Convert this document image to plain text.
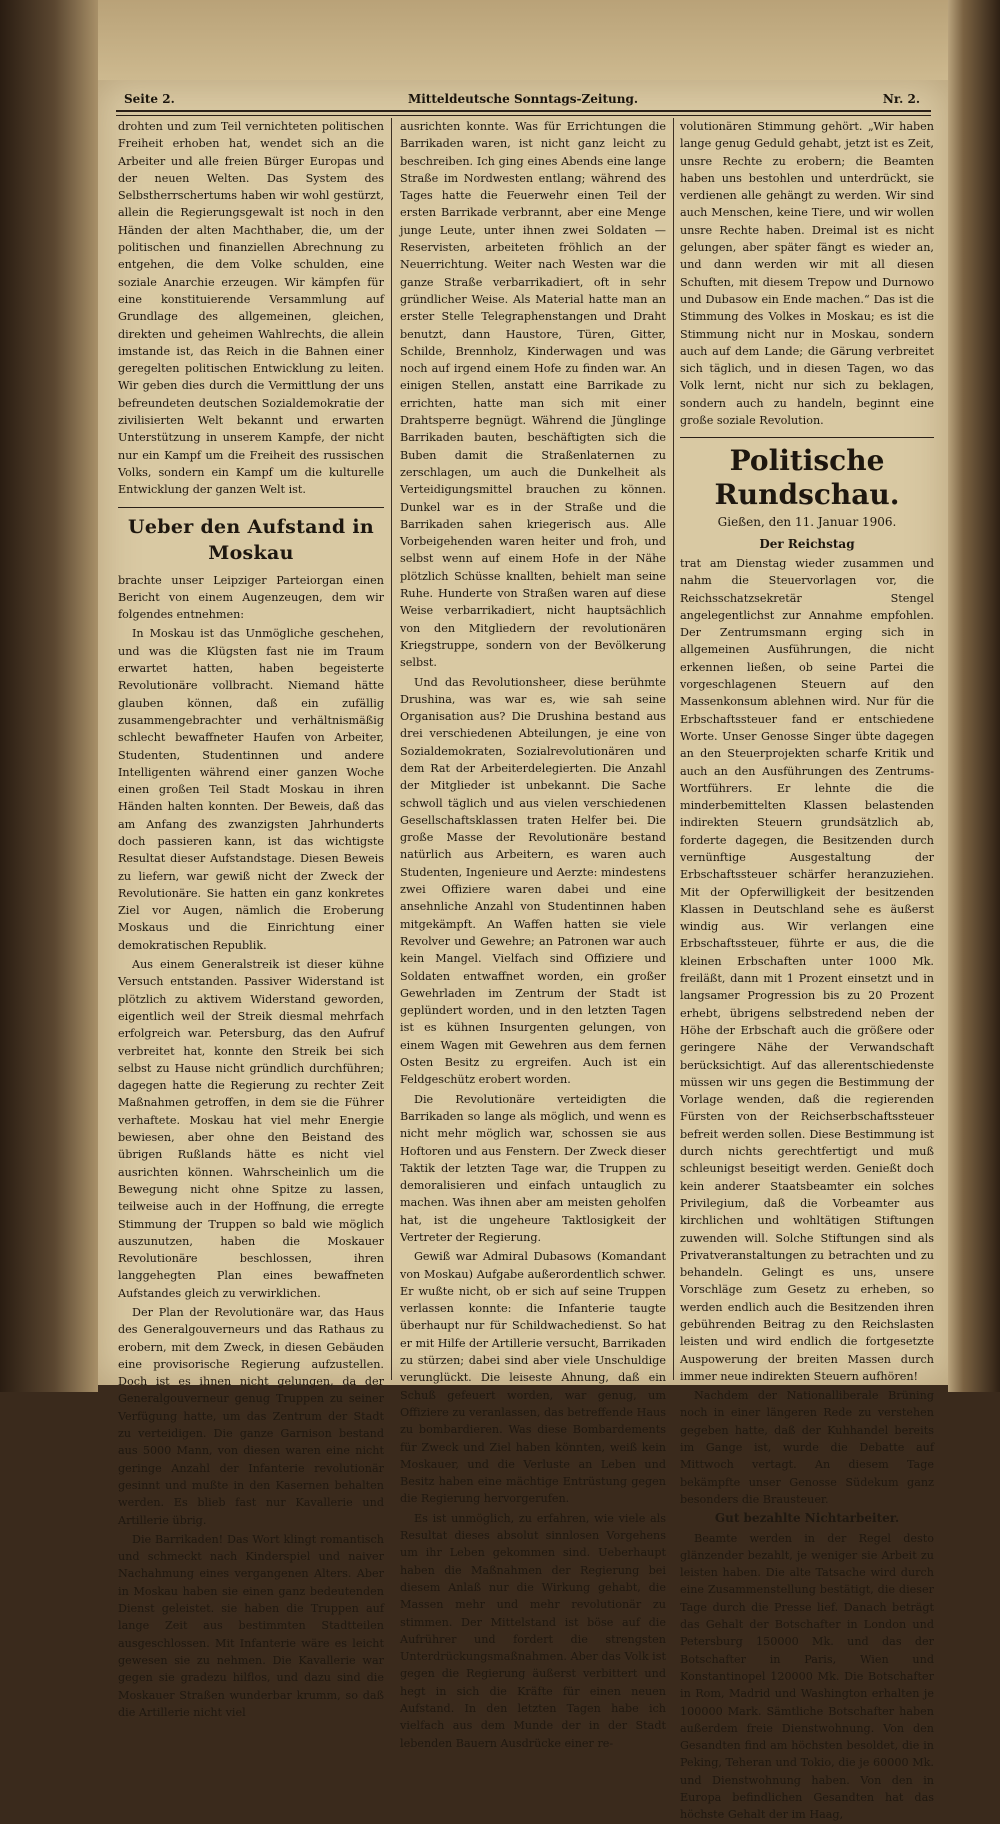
Seite 2.	Mitteldeutsche Sonntags-Zeitung.	Nr. 2.

drohten und zum Teil vernichteten politischen Freiheit erhoben hat, wendet sich an die Arbeiter und alle freien Bürger Europas und der neuen Welten. Das System des Selbstherrschertums haben wir wohl gestürzt, allein die Regierungsgewalt ist noch in den Händen der alten Machthaber, die, um der politischen und finanziellen Abrechnung zu entgehen, die dem Volke schulden, eine soziale Anarchie erzeugen. Wir kämpfen für eine konstituierende Versammlung auf Grundlage des allgemeinen, gleichen, direkten und geheimen Wahlrechts, die allein imstande ist, das Reich in die Bahnen einer geregelten politischen Entwicklung zu leiten. Wir geben dies durch die Vermittlung der uns befreundeten deutschen Sozialdemokratie der zivilisierten Welt bekannt und erwarten Unterstützung in unserem Kampfe, der nicht nur ein Kampf um die Freiheit des russischen Volks, sondern ein Kampf um die kulturelle Entwicklung der ganzen Welt ist.

Ueber den Aufstand in Moskau

brachte unser Leipziger Parteiorgan einen Bericht von einem Augenzeugen, dem wir folgendes entnehmen:

In Moskau ist das Unmögliche geschehen, und was die Klügsten fast nie im Traum erwartet hatten, haben begeisterte Revolutionäre vollbracht. Niemand hätte glauben können, daß ein zufällig zusammengebrachter und verhältnismäßig schlecht bewaffneter Haufen von Arbeiter, Studenten, Studentinnen und andere Intelligenten während einer ganzen Woche einen großen Teil Stadt Moskau in ihren Händen halten konnten. Der Beweis, daß das am Anfang des zwanzigsten Jahrhunderts doch passieren kann, ist das wichtigste Resultat dieser Aufstandstage. Diesen Beweis zu liefern, war gewiß nicht der Zweck der Revolutionäre. Sie hatten ein ganz konkretes Ziel vor Augen, nämlich die Eroberung Moskaus und die Einrichtung einer demokratischen Republik.

Aus einem Generalstreik ist dieser kühne Versuch entstanden. Passiver Widerstand ist plötzlich zu aktivem Widerstand geworden, eigentlich weil der Streik diesmal mehrfach erfolgreich war. Petersburg, das den Aufruf verbreitet hat, konnte den Streik bei sich selbst zu Hause nicht gründlich durchführen; dagegen hatte die Regierung zu rechter Zeit Maßnahmen getroffen, in dem sie die Führer verhaftete. Moskau hat viel mehr Energie bewiesen, aber ohne den Beistand des übrigen Rußlands hätte es nicht viel ausrichten können. Wahrscheinlich um die Bewegung nicht ohne Spitze zu lassen, teilweise auch in der Hoffnung, die erregte Stimmung der Truppen so bald wie möglich auszunutzen, haben die Moskauer Revolutionäre beschlossen, ihren langgehegten Plan eines bewaffneten Aufstandes gleich zu verwirklichen.

Der Plan der Revolutionäre war, das Haus des Generalgouverneurs und das Rathaus zu erobern, mit dem Zweck, in diesen Gebäuden eine provisorische Regierung aufzustellen. Doch ist es ihnen nicht gelungen, da der Generalgouverneur genug Truppen zu seiner Verfügung hatte, um das Zentrum der Stadt zu verteidigen. Die ganze Garnison bestand aus 5000 Mann, von diesen waren eine nicht geringe Anzahl der Infanterie revolutionär gesinnt und mußte in den Kasernen behalten werden. Es blieb fast nur Kavallerie und Artillerie übrig.

Die Barrikaden! Das Wort klingt romantisch und schmeckt nach Kinderspiel und naiver Nachahmung eines vergangenen Alters. Aber in Moskau haben sie einen ganz bedeutenden Dienst geleistet. sie haben die Truppen auf lange Zeit aus bestimmten Stadtteilen ausgeschlossen. Mit Infanterie wäre es leicht gewesen sie zu nehmen. Die Kavallerie war gegen sie gradezu hilflos, und dazu sind die Moskauer Straßen wunderbar krumm, so daß die Artillerie nicht viel

ausrichten konnte. Was für Errichtungen die Barrikaden waren, ist nicht ganz leicht zu beschreiben. Ich ging eines Abends eine lange Straße im Nordwesten entlang; während des Tages hatte die Feuerwehr einen Teil der ersten Barrikade verbrannt, aber eine Menge junge Leute, unter ihnen zwei Soldaten — Reservisten, arbeiteten fröhlich an der Neuerrichtung. Weiter nach Westen war die ganze Straße verbarrikadiert, oft in sehr gründlicher Weise. Als Material hatte man an erster Stelle Telegraphenstangen und Draht benutzt, dann Haustore, Türen, Gitter, Schilde, Brennholz, Kinderwagen und was noch auf irgend einem Hofe zu finden war. An einigen Stellen, anstatt eine Barrikade zu errichten, hatte man sich mit einer Drahtsperre begnügt. Während die Jünglinge Barrikaden bauten, beschäftigten sich die Buben damit die Straßenlaternen zu zerschlagen, um auch die Dunkelheit als Verteidigungsmittel brauchen zu können. Dunkel war es in der Straße und die Barrikaden sahen kriegerisch aus. Alle Vorbeigehenden waren heiter und froh, und selbst wenn auf einem Hofe in der Nähe plötzlich Schüsse knallten, behielt man seine Ruhe. Hunderte von Straßen waren auf diese Weise verbarrikadiert, nicht hauptsächlich von den Mitgliedern der revolutionären Kriegstruppe, sondern von der Bevölkerung selbst.

Und das Revolutionsheer, diese berühmte Drushina, was war es, wie sah seine Organisation aus? Die Drushina bestand aus drei verschiedenen Abteilungen, je eine von Sozialdemokraten, Sozialrevolutionären und dem Rat der Arbeiterdelegierten. Die Anzahl der Mitglieder ist unbekannt. Die Sache schwoll täglich und aus vielen verschiedenen Gesellschaftsklassen traten Helfer bei. Die große Masse der Revolutionäre bestand natürlich aus Arbeitern, es waren auch Studenten, Ingenieure und Aerzte: mindestens zwei Offiziere waren dabei und eine ansehnliche Anzahl von Studentinnen haben mitgekämpft. An Waffen hatten sie viele Revolver und Gewehre; an Patronen war auch kein Mangel. Vielfach sind Offiziere und Soldaten entwaffnet worden, ein großer Gewehrladen im Zentrum der Stadt ist geplündert worden, und in den letzten Tagen ist es kühnen Insurgenten gelungen, von einem Wagen mit Gewehren aus dem fernen Osten Besitz zu ergreifen. Auch ist ein Feldgeschütz erobert worden.

Die Revolutionäre verteidigten die Barrikaden so lange als möglich, und wenn es nicht mehr möglich war, schossen sie aus Hoftoren und aus Fenstern. Der Zweck dieser Taktik der letzten Tage war, die Truppen zu demoralisieren und einfach untauglich zu machen. Was ihnen aber am meisten geholfen hat, ist die ungeheure Taktlosigkeit der Vertreter der Regierung.

Gewiß war Admiral Dubasows (Komandant von Moskau) Aufgabe außerordentlich schwer. Er wußte nicht, ob er sich auf seine Truppen verlassen konnte: die Infanterie taugte überhaupt nur für Schildwachedienst. So hat er mit Hilfe der Artillerie versucht, Barrikaden zu stürzen; dabei sind aber viele Unschuldige verunglückt. Die leiseste Ahnung, daß ein Schuß gefeuert worden, war genug, um Offiziere zu veranlassen, das betreffende Haus zu bombardieren. Was diese Bombardements für Zweck und Ziel haben könnten, weiß kein Moskauer, und die Verluste an Leben und Besitz haben eine mächtige Entrüstung gegen die Regierung hervorgerufen.

Es ist unmöglich, zu erfahren, wie viele als Resultat dieses absolut sinnlosen Vorgehens um ihr Leben gekommen sind. Ueberhaupt haben die Maßnahmen der Regierung bei diesem Anlaß nur die Wirkung gehabt, die Massen mehr und mehr revolutionär zu stimmen. Der Mittelstand ist böse auf die Aufrührer und fordert die strengsten Unterdrückungsmaßnahmen. Aber das Volk ist gegen die Regierung äußerst verbittert und hegt in sich die Kräfte für einen neuen Aufstand. In den letzten Tagen habe ich vielfach aus dem Munde der in der Stadt lebenden Bauern Ausdrücke einer re-

volutionären Stimmung gehört. „Wir haben lange genug Geduld gehabt, jetzt ist es Zeit, unsre Rechte zu erobern; die Beamten haben uns bestohlen und unterdrückt, sie verdienen alle gehängt zu werden. Wir sind auch Menschen, keine Tiere, und wir wollen unsre Rechte haben. Dreimal ist es nicht gelungen, aber später fängt es wieder an, und dann werden wir mit all diesen Schuften, mit diesem Trepow und Durnowo und Dubasow ein Ende machen.“ Das ist die Stimmung des Volkes in Moskau; es ist die Stimmung nicht nur in Moskau, sondern auch auf dem Lande; die Gärung verbreitet sich täglich, und in diesen Tagen, wo das Volk lernt, nicht nur sich zu beklagen, sondern auch zu handeln, beginnt eine große soziale Revolution.

Politische Rundschau.
Gießen, den 11. Januar 1906.
Der Reichstag

trat am Dienstag wieder zusammen und nahm die Steuervorlagen vor, die Reichsschatzsekretär Stengel angelegentlichst zur Annahme empfohlen. Der Zentrumsmann erging sich in allgemeinen Ausführungen, die nicht erkennen ließen, ob seine Partei die vorgeschlagenen Steuern auf den Massenkonsum ablehnen wird. Nur für die Erbschaftssteuer fand er entschiedene Worte. Unser Genosse Singer übte dagegen an den Steuerprojekten scharfe Kritik und auch an den Ausführungen des Zentrums-Wortführers. Er lehnte die die minderbemittelten Klassen belastenden indirekten Steuern grundsätzlich ab, forderte dagegen, die Besitzenden durch vernünftige Ausgestaltung der Erbschaftssteuer schärfer heranzuziehen. Mit der Opferwilligkeit der besitzenden Klassen in Deutschland sehe es äußerst windig aus. Wir verlangen eine Erbschaftssteuer, führte er aus, die die kleinen Erbschaften unter 1000 Mk. freiläßt, dann mit 1 Prozent einsetzt und in langsamer Progression bis zu 20 Prozent erhebt, übrigens selbstredend neben der Höhe der Erbschaft auch die größere oder geringere Nähe der Verwandschaft berücksichtigt. Auf das allerentschiedenste müssen wir uns gegen die Bestimmung der Vorlage wenden, daß die regierenden Fürsten von der Reichserbschaftssteuer befreit werden sollen. Diese Bestimmung ist durch nichts gerechtfertigt und muß schleunigst beseitigt werden. Genießt doch kein anderer Staatsbeamter ein solches Privilegium, daß die Vorbeamter aus kirchlichen und wohltätigen Stiftungen zuwenden will. Solche Stiftungen sind als Privatveranstaltungen zu betrachten und zu behandeln. Gelingt es uns, unsere Vorschläge zum Gesetz zu erheben, so werden endlich auch die Besitzenden ihren gebührenden Beitrag zu den Reichslasten leisten und wird endlich die fortgesetzte Auspowerung der breiten Massen durch immer neue indirekten Steuern aufhören!

Nachdem der Nationalliberale Brüning noch in einer längeren Rede zu verstehen gegeben hatte, daß der Kuhhandel bereits im Gange ist, wurde die Debatte auf Mittwoch vertagt. An diesem Tage bekämpfte unser Genosse Südekum ganz besonders die Brausteuer.

Gut bezahlte Nichtarbeiter.

Beamte werden in der Regel desto glänzender bezahlt, je weniger sie Arbeit zu leisten haben. Die alte Tatsache wird durch eine Zusammenstellung bestätigt, die dieser Tage durch die Presse lief. Danach beträgt das Gehalt der Botschafter in London und Petersburg 150000 Mk. und das der Botschafter in Paris, Wien und Konstantinopel 120000 Mk. Die Botschafter in Rom, Madrid und Washington erhalten je 100000 Mark. Sämtliche Botschafter haben außerdem freie Dienstwohnung. Von den Gesandten find am höchsten besoldet, die in Peking, Teheran und Tokio, die je 60000 Mk. und Dienstwohnung haben. Von den in Europa befindlichen Gesandten hat das höchste Gehalt der im Haag,
